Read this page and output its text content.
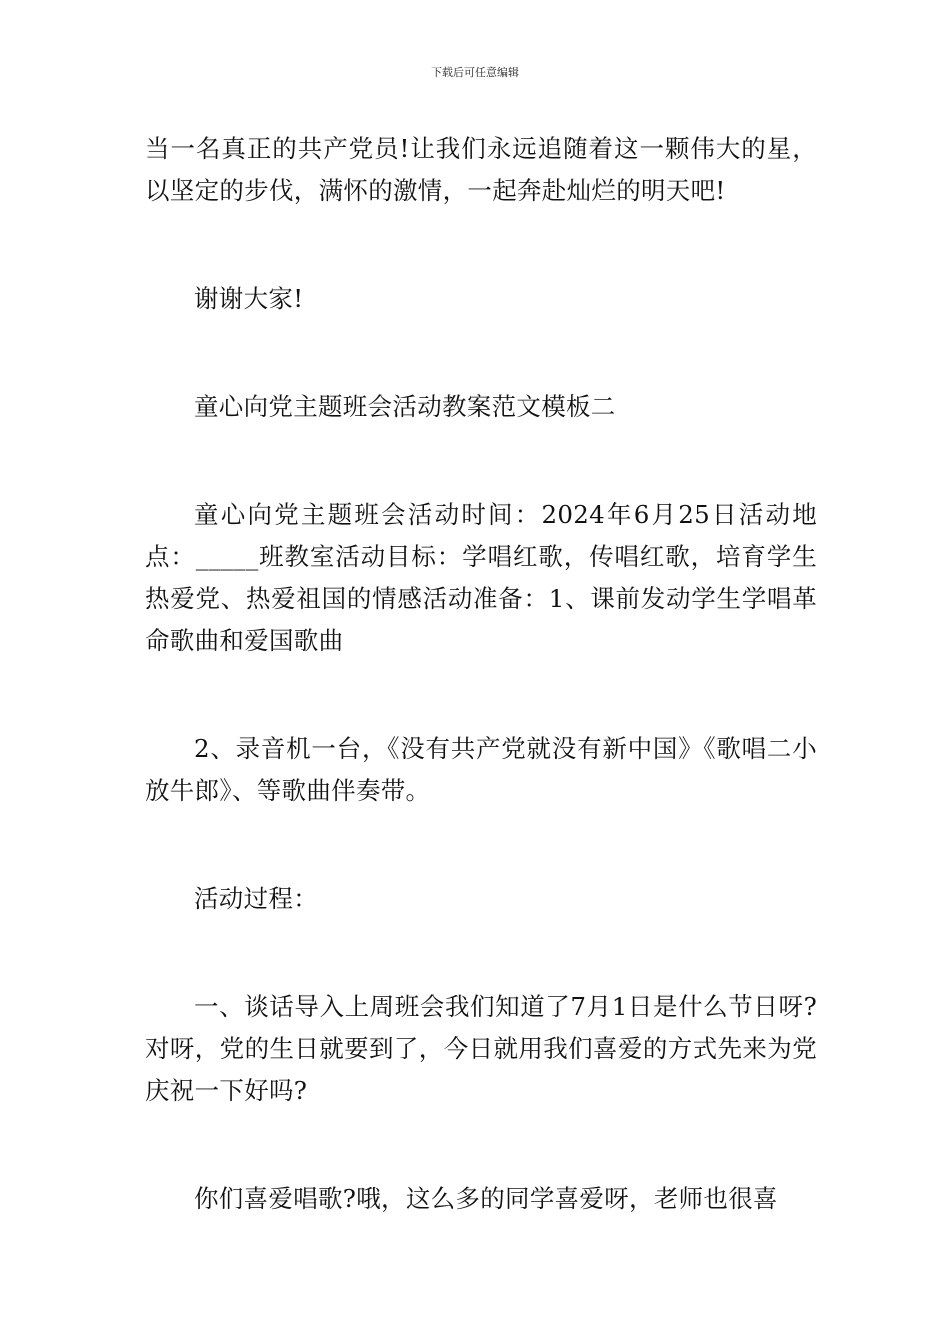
下载后可任意编辑

当一名真正的共产党员!让我们永远追随着这一颗伟大的星，以坚定的步伐，满怀的激情，一起奔赴灿烂的明天吧!

谢谢大家!

童心向党主题班会活动教案范文模板二

童心向党主题班会活动时间：2024年6月25日活动地点：_____班教室活动目标：学唱红歌，传唱红歌，培育学生热爱党、热爱祖国的情感活动准备：1、课前发动学生学唱革命歌曲和爱国歌曲

2、录音机一台，《没有共产党就没有新中国》《歌唱二小放牛郎》、等歌曲伴奏带。

活动过程：

一、谈话导入上周班会我们知道了7月1日是什么节日呀?对呀，党的生日就要到了，今日就用我们喜爱的方式先来为党庆祝一下好吗?

你们喜爱唱歌?哦，这么多的同学喜爱呀，老师也很喜
